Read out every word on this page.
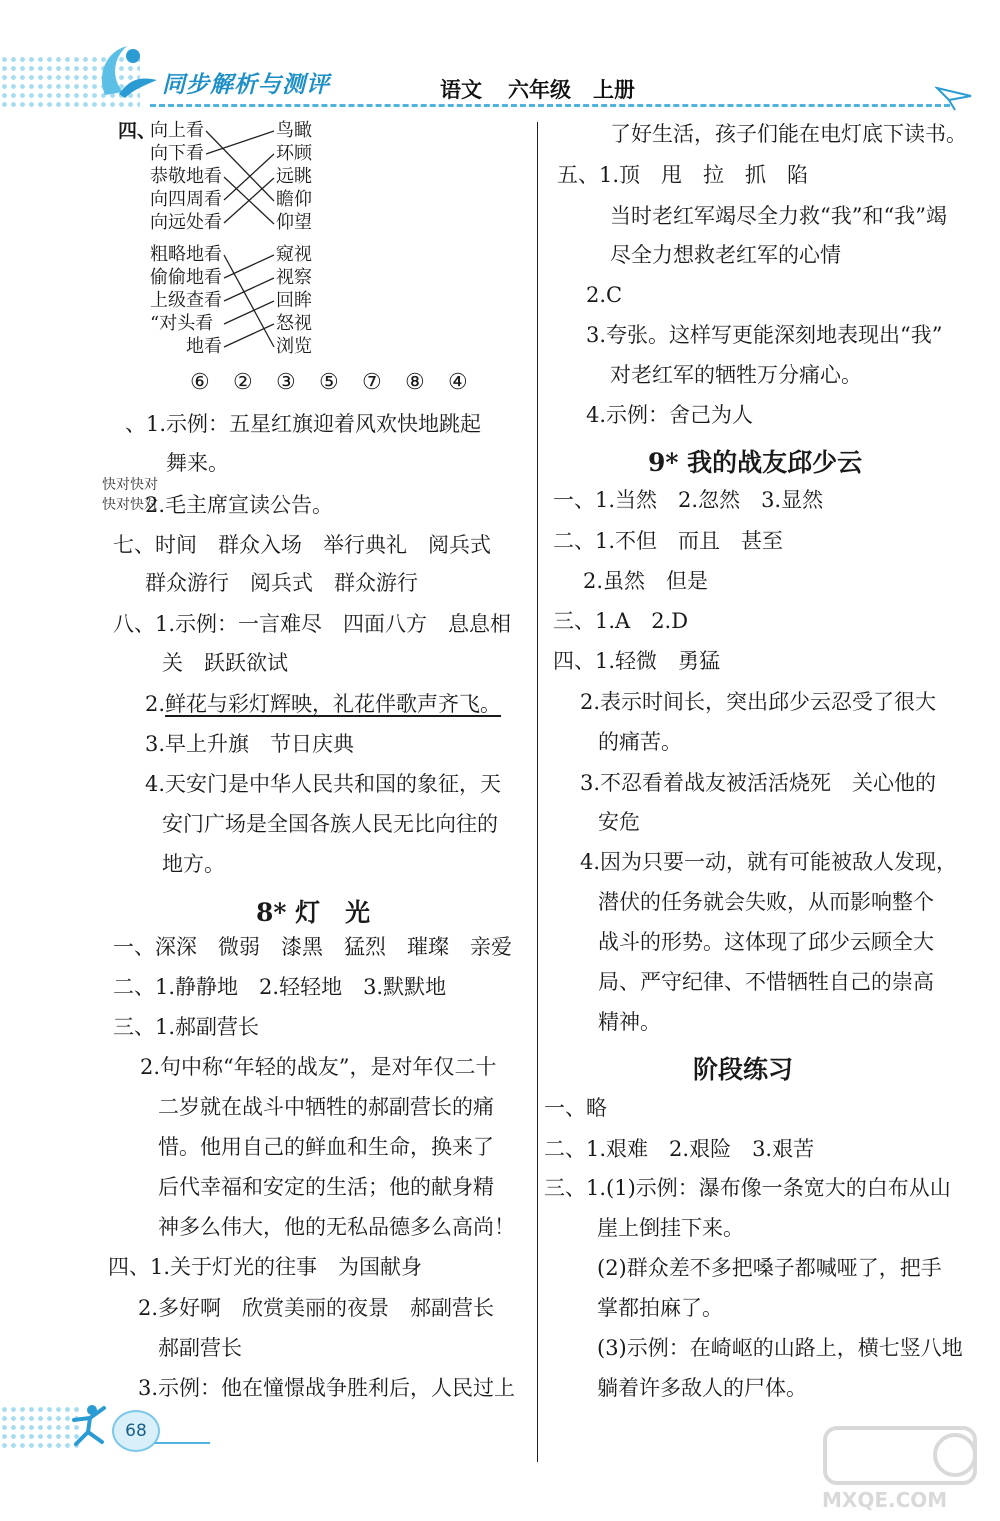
同步解析与测评	语文 六年级 上册
四、
向上看
向下看
恭敬地看
向四周看
向远处看
鸟瞰
环顾
远眺
瞻仰
仰望
粗略地看
偷偷地看
上级查看
“对头看
地看
窥视
视察
回眸
怒视
浏览
⑥ ② ③ ⑤ ⑦ ⑧ ④
快对快对
快对快对
、1.示例：五星红旗迎着风欢快地跳起
舞来。
2.毛主席宣读公告。
七、时间　群众入场　举行典礼　阅兵式
群众游行　阅兵式　群众游行
八、1.示例：一言难尽　四面八方　息息相
关　跃跃欲试
2.鲜花与彩灯辉映，礼花伴歌声齐飞。
3.早上升旗　节日庆典
4.天安门是中华人民共和国的象征，天
安门广场是全国各族人民无比向往的
地方。
8* 灯　光
一、深深　微弱　漆黑　猛烈　璀璨　亲爱
二、1.静静地　2.轻轻地　3.默默地
三、1.郝副营长
2.句中称“年轻的战友”，是对年仅二十
二岁就在战斗中牺牲的郝副营长的痛
惜。他用自己的鲜血和生命，换来了
后代幸福和安定的生活；他的献身精
神多么伟大，他的无私品德多么高尚！
四、1.关于灯光的往事　为国献身
2.多好啊　欣赏美丽的夜景　郝副营长
郝副营长
3.示例：他在憧憬战争胜利后，人民过上
了好生活，孩子们能在电灯底下读书。
五、1.顶　甩　拉　抓　陷
当时老红军竭尽全力救“我”和“我”竭
尽全力想救老红军的心情
2.C
3.夸张。这样写更能深刻地表现出“我”
对老红军的牺牲万分痛心。
4.示例：舍己为人
9* 我的战友邱少云
一、1.当然　2.忽然　3.显然
二、1.不但　而且　甚至
2.虽然　但是
三、1.A　2.D
四、1.轻微　勇猛
2.表示时间长，突出邱少云忍受了很大
的痛苦。
3.不忍看着战友被活活烧死　关心他的
安危
4.因为只要一动，就有可能被敌人发现，
潜伏的任务就会失败，从而影响整个
战斗的形势。这体现了邱少云顾全大
局、严守纪律、不惜牺牲自己的崇高
精神。
阶段练习
一、略
二、1.艰难　2.艰险　3.艰苦
三、1.(1)示例：瀑布像一条宽大的白布从山
崖上倒挂下来。
(2)群众差不多把嗓子都喊哑了，把手
掌都拍麻了。
(3)示例：在崎岖的山路上，横七竖八地
躺着许多敌人的尸体。
68
MXQE.COM
